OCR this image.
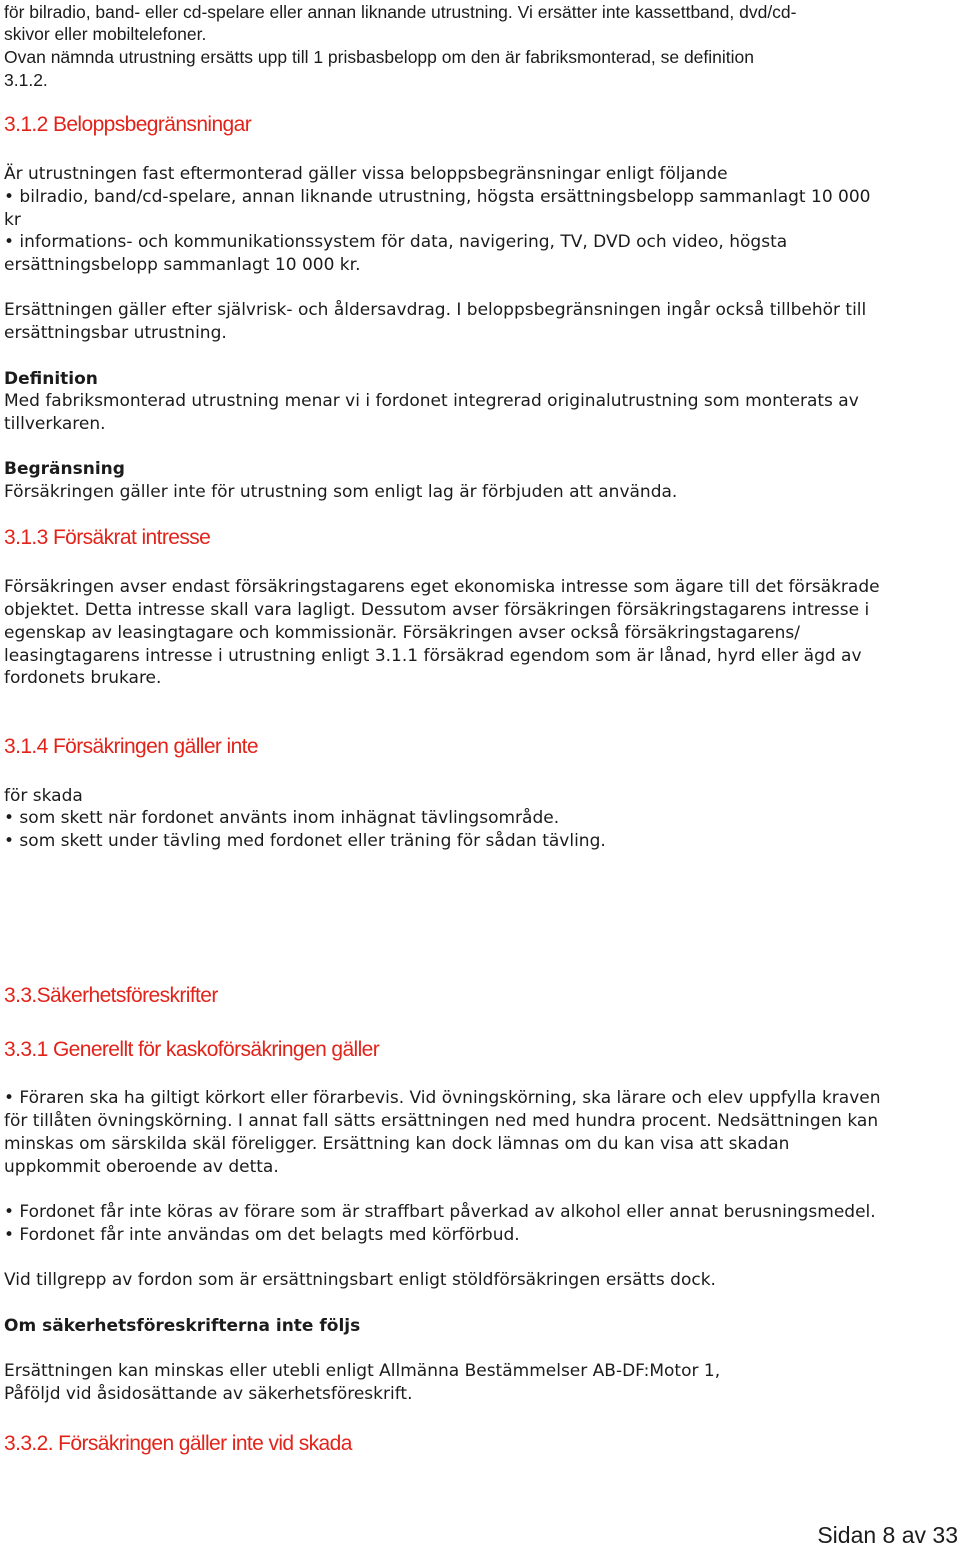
för bilradio, band- eller cd-spelare eller annan liknande utrustning. Vi ersätter inte kassettband, dvd/cd-
skivor eller mobiltelefoner.
Ovan nämnda utrustning ersätts upp till 1 prisbasbelopp om den är fabriksmonterad, se definition
3.1.2.
3.1.2 Beloppsbegränsningar
Är utrustningen fast eftermonterad gäller vissa beloppsbegränsningar enligt följande
• bilradio, band/cd-spelare, annan liknande utrustning, högsta ersättningsbelopp sammanlagt 10 000
kr
• informations- och kommunikationssystem för data, navigering, TV, DVD och video, högsta
ersättningsbelopp sammanlagt 10 000 kr.
Ersättningen gäller efter självrisk- och åldersavdrag. I beloppsbegränsningen ingår också tillbehör till
ersättningsbar utrustning.
Definition
Med fabriksmonterad utrustning menar vi i fordonet integrerad originalutrustning som monterats av
tillverkaren.
Begränsning
Försäkringen gäller inte för utrustning som enligt lag är förbjuden att använda.
3.1.3 Försäkrat intresse
Försäkringen avser endast försäkringstagarens eget ekonomiska intresse som ägare till det försäkrade
objektet. Detta intresse skall vara lagligt. Dessutom avser försäkringen försäkringstagarens intresse i
egenskap av leasingtagare och kommissionär. Försäkringen avser också försäkringstagarens/
leasingtagarens intresse i utrustning enligt 3.1.1 försäkrad egendom som är lånad, hyrd eller ägd av
fordonets brukare.
3.1.4 Försäkringen gäller inte
för skada
• som skett när fordonet använts inom inhägnat tävlingsområde.
• som skett under tävling med fordonet eller träning för sådan tävling.
3.3.Säkerhetsföreskrifter
3.3.1 Generellt för kaskoförsäkringen gäller
• Föraren ska ha giltigt körkort eller förarbevis. Vid övningskörning, ska lärare och elev uppfylla kraven
för tillåten övningskörning. I annat fall sätts ersättningen ned med hundra procent. Nedsättningen kan
minskas om särskilda skäl föreligger. Ersättning kan dock lämnas om du kan visa att skadan
uppkommit oberoende av detta.
• Fordonet får inte köras av förare som är straffbart påverkad av alkohol eller annat berusningsmedel.
• Fordonet får inte användas om det belagts med körförbud.
Vid tillgrepp av fordon som är ersättningsbart enligt stöldförsäkringen ersätts dock.
Om säkerhetsföreskrifterna inte följs
Ersättningen kan minskas eller utebli enligt Allmänna Bestämmelser AB-DF:Motor 1,
Påföljd vid åsidosättande av säkerhetsföreskrift.
3.3.2. Försäkringen gäller inte vid skada
Sidan 8 av 33
